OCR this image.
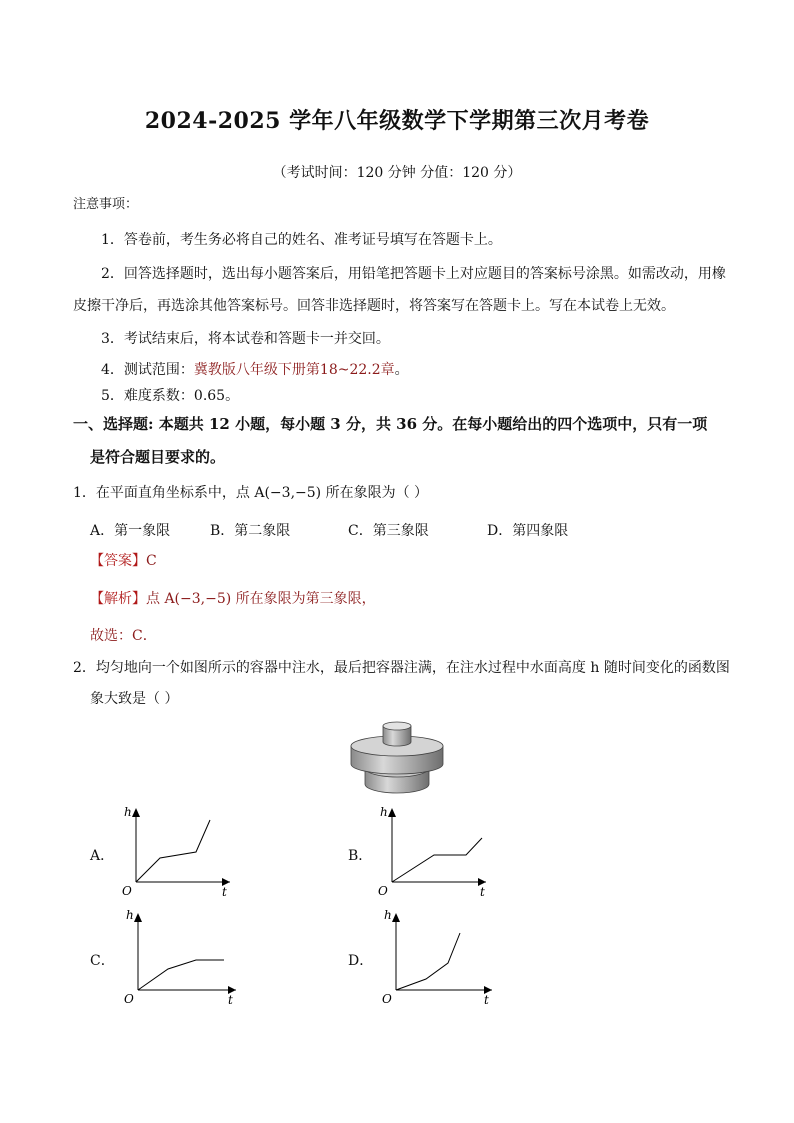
2024-2025 学年八年级数学下学期第三次月考卷
（考试时间：120 分钟 分值：120 分）
注意事项：
1．答卷前，考生务必将自己的姓名、准考证号填写在答题卡上。
2．回答选择题时，选出每小题答案后，用铅笔把答题卡上对应题目的答案标号涂黑。如需改动，用橡
皮擦干净后，再选涂其他答案标号。回答非选择题时，将答案写在答题卡上。写在本试卷上无效。
3．考试结束后，将本试卷和答题卡一并交回。
4．测试范围：冀教版八年级下册第18~22.2章。
5．难度系数：0.65。
一、选择题: 本题共 12 小题，每小题 3 分，共 36 分。在每小题给出的四个选项中，只有一项
是符合题目要求的。
1．在平面直角坐标系中，点 A(−3,−5) 所在象限为（ ）
A．第一象限	B．第二象限	C．第三象限	D．第四象限
【答案】C
【解析】点 A(−3,−5) 所在象限为第三象限，
故选：C．
2．均匀地向一个如图所示的容器中注水，最后把容器注满，在注水过程中水面高度 h 随时间变化的函数图
象大致是（ ）
A．	B．
C．	D．
h
t
O
h
t
O
h
t
O
h
t
O
